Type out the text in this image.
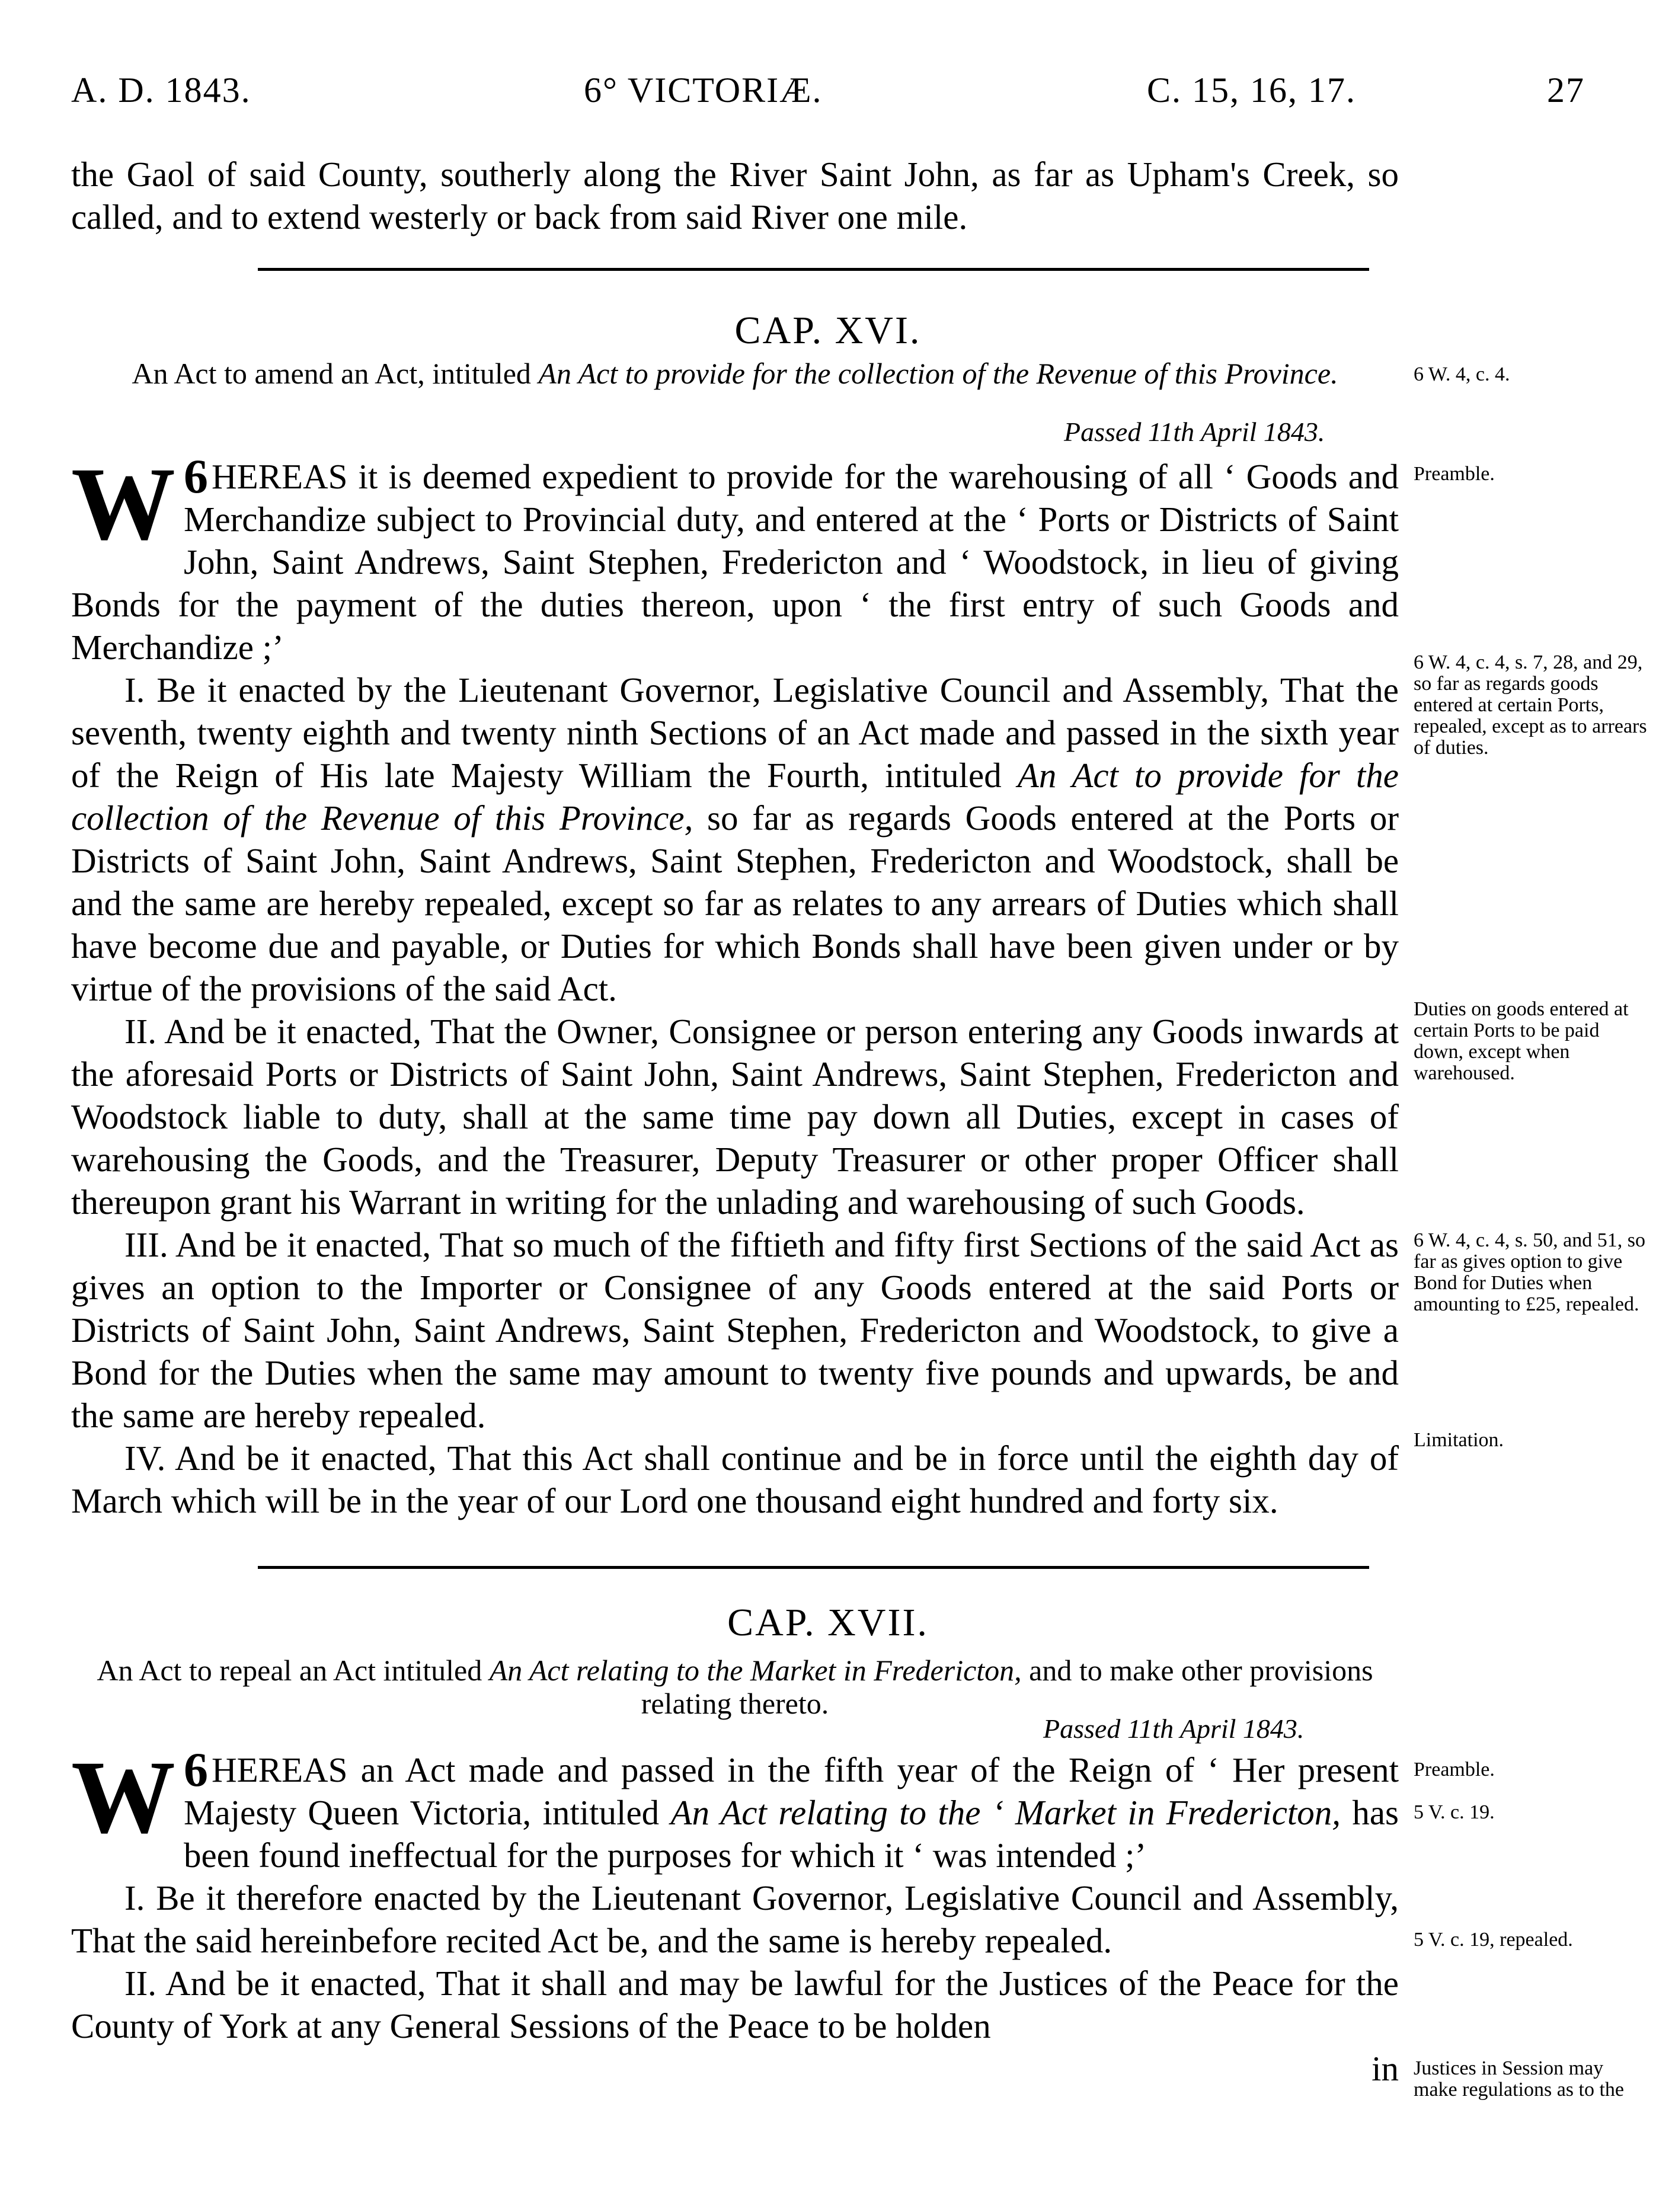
A. D. 1843.	6° VICTORIÆ.	C. 15, 16, 17.	27

the Gaol of said County, southerly along the River Saint John, as far as Upham's Creek, so called, and to extend westerly or back from said River one mile.

CAP. XVI.
An Act to amend an Act, intituled An Act to provide for the collection of the Revenue of this Province.	6 W. 4, c. 4.
Passed 11th April 1843.

6
W HEREAS it is deemed expedient to provide for the warehousing of all ‘ Goods and Merchandize subject to Provincial duty, and entered at the ‘ Ports or Districts of Saint John, Saint Andrews, Saint Stephen, Fredericton and ‘ Woodstock, in lieu of giving Bonds for the payment of the duties thereon, upon ‘ the first entry of such Goods and Merchandize ;’

I. Be it enacted by the Lieutenant Governor, Legislative Council and Assembly, That the seventh, twenty eighth and twenty ninth Sections of an Act made and passed in the sixth year of the Reign of His late Majesty William the Fourth, intituled An Act to provide for the collection of the Revenue of this Province, so far as regards Goods entered at the Ports or Districts of Saint John, Saint Andrews, Saint Stephen, Fredericton and Woodstock, shall be and the same are hereby repealed, except so far as relates to any arrears of Duties which shall have become due and payable, or Duties for which Bonds shall have been given under or by virtue of the provisions of the said Act.

II. And be it enacted, That the Owner, Consignee or person entering any Goods inwards at the aforesaid Ports or Districts of Saint John, Saint Andrews, Saint Stephen, Fredericton and Woodstock liable to duty, shall at the same time pay down all Duties, except in cases of warehousing the Goods, and the Treasurer, Deputy Treasurer or other proper Officer shall thereupon grant his Warrant in writing for the unlading and warehousing of such Goods.

III. And be it enacted, That so much of the fiftieth and fifty first Sections of the said Act as gives an option to the Importer or Consignee of any Goods entered at the said Ports or Districts of Saint John, Saint Andrews, Saint Stephen, Fredericton and Woodstock, to give a Bond for the Duties when the same may amount to twenty five pounds and upwards, be and the same are hereby repealed.

IV. And be it enacted, That this Act shall continue and be in force until the eighth day of March which will be in the year of our Lord one thousand eight hundred and forty six.

Preamble.
6 W. 4, c. 4, s. 7, 28, and 29, so far as regards goods entered at certain Ports, repealed, except as to arrears of duties.
Duties on goods entered at certain Ports to be paid down, except when warehoused.
6 W. 4, c. 4, s. 50, and 51, so far as gives option to give Bond for Duties when amounting to £25, repealed.
Limitation.
CAP. XVII.
An Act to repeal an Act intituled An Act relating to the Market in Fredericton, and to make other provisions relating thereto.
Passed 11th April 1843.

6
W HEREAS an Act made and passed in the fifth year of the Reign of ‘ Her present Majesty Queen Victoria, intituled An Act relating to the ‘ Market in Fredericton, has been found ineffectual for the purposes for which it ‘ was intended ;’

I. Be it therefore enacted by the Lieutenant Governor, Legislative Council and Assembly, That the said hereinbefore recited Act be, and the same is hereby repealed.

II. And be it enacted, That it shall and may be lawful for the Justices of the Peace for the County of York at any General Sessions of the Peace to be holden

in

Preamble.
5 V. c. 19.
5 V. c. 19, repealed.
Justices in Session may make regulations as to the
